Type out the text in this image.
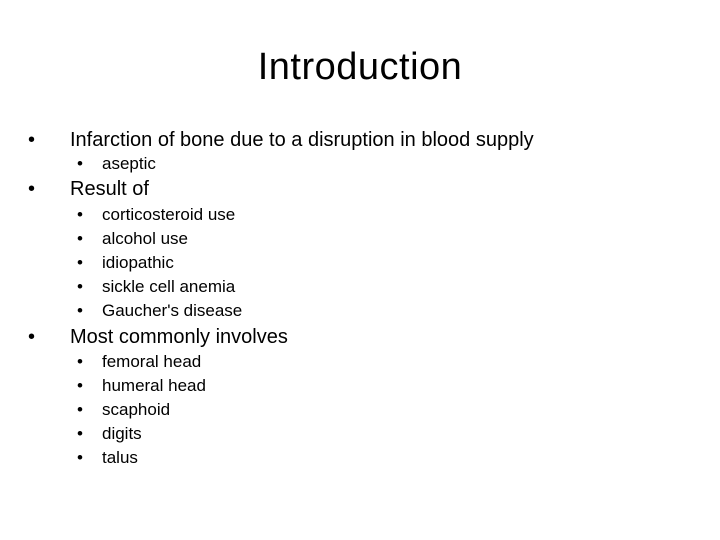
Introduction
• Infarction of bone due to a disruption in blood supply
• aseptic
• Result of
• corticosteroid use
• alcohol use
• idiopathic
• sickle cell anemia
• Gaucher's disease
• Most commonly involves
• femoral head
• humeral head
• scaphoid
• digits
• talus
